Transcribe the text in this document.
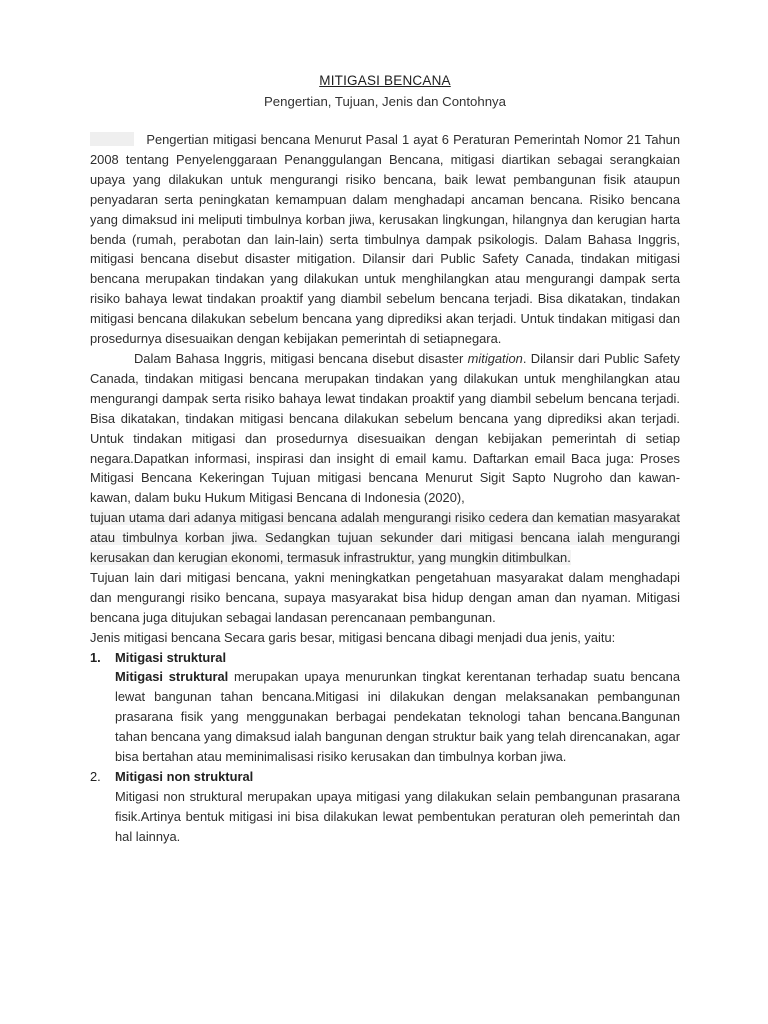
MITIGASI BENCANA

Pengertian, Tujuan, Jenis dan Contohnya

Pengertian mitigasi bencana Menurut Pasal 1 ayat 6 Peraturan Pemerintah Nomor 21 Tahun 2008 tentang Penyelenggaraan Penanggulangan Bencana, mitigasi diartikan sebagai serangkaian upaya yang dilakukan untuk mengurangi risiko bencana, baik lewat pembangunan fisik ataupun penyadaran serta peningkatan kemampuan dalam menghadapi ancaman bencana. Risiko bencana yang dimaksud ini meliputi timbulnya korban jiwa, kerusakan lingkungan, hilangnya dan kerugian harta benda (rumah, perabotan dan lain-lain) serta timbulnya dampak psikologis. Dalam Bahasa Inggris, mitigasi bencana disebut disaster mitigation. Dilansir dari Public Safety Canada, tindakan mitigasi bencana merupakan tindakan yang dilakukan untuk menghilangkan atau mengurangi dampak serta risiko bahaya lewat tindakan proaktif yang diambil sebelum bencana terjadi. Bisa dikatakan, tindakan mitigasi bencana dilakukan sebelum bencana yang diprediksi akan terjadi. Untuk tindakan mitigasi dan prosedurnya disesuaikan dengan kebijakan pemerintah di setiapnegara.

Dalam Bahasa Inggris, mitigasi bencana disebut disaster mitigation. Dilansir dari Public Safety Canada, tindakan mitigasi bencana merupakan tindakan yang dilakukan untuk menghilangkan atau mengurangi dampak serta risiko bahaya lewat tindakan proaktif yang diambil sebelum bencana terjadi. Bisa dikatakan, tindakan mitigasi bencana dilakukan sebelum bencana yang diprediksi akan terjadi. Untuk tindakan mitigasi dan prosedurnya disesuaikan dengan kebijakan pemerintah di setiap negara.Dapatkan informasi, inspirasi dan insight di email kamu. Daftarkan email Baca juga: Proses Mitigasi Bencana Kekeringan Tujuan mitigasi bencana Menurut Sigit Sapto Nugroho dan kawan-kawan, dalam buku Hukum Mitigasi Bencana di Indonesia (2020),

tujuan utama dari adanya mitigasi bencana adalah mengurangi risiko cedera dan kematian masyarakat atau timbulnya korban jiwa. Sedangkan tujuan sekunder dari mitigasi bencana ialah mengurangi kerusakan dan kerugian ekonomi, termasuk infrastruktur, yang mungkin ditimbulkan.

Tujuan lain dari mitigasi bencana, yakni meningkatkan pengetahuan masyarakat dalam menghadapi dan mengurangi risiko bencana, supaya masyarakat bisa hidup dengan aman dan nyaman. Mitigasi bencana juga ditujukan sebagai landasan perencanaan pembangunan.

Jenis mitigasi bencana Secara garis besar, mitigasi bencana dibagi menjadi dua jenis, yaitu:

1. Mitigasi struktural

Mitigasi struktural merupakan upaya menurunkan tingkat kerentanan terhadap suatu bencana lewat bangunan tahan bencana.Mitigasi ini dilakukan dengan melaksanakan pembangunan prasarana fisik yang menggunakan berbagai pendekatan teknologi tahan bencana.Bangunan tahan bencana yang dimaksud ialah bangunan dengan struktur baik yang telah direncanakan, agar bisa bertahan atau meminimalisasi risiko kerusakan dan timbulnya korban jiwa.

2. Mitigasi non struktural

Mitigasi non struktural merupakan upaya mitigasi yang dilakukan selain pembangunan prasarana fisik.Artinya bentuk mitigasi ini bisa dilakukan lewat pembentukan peraturan oleh pemerintah dan hal lainnya.
